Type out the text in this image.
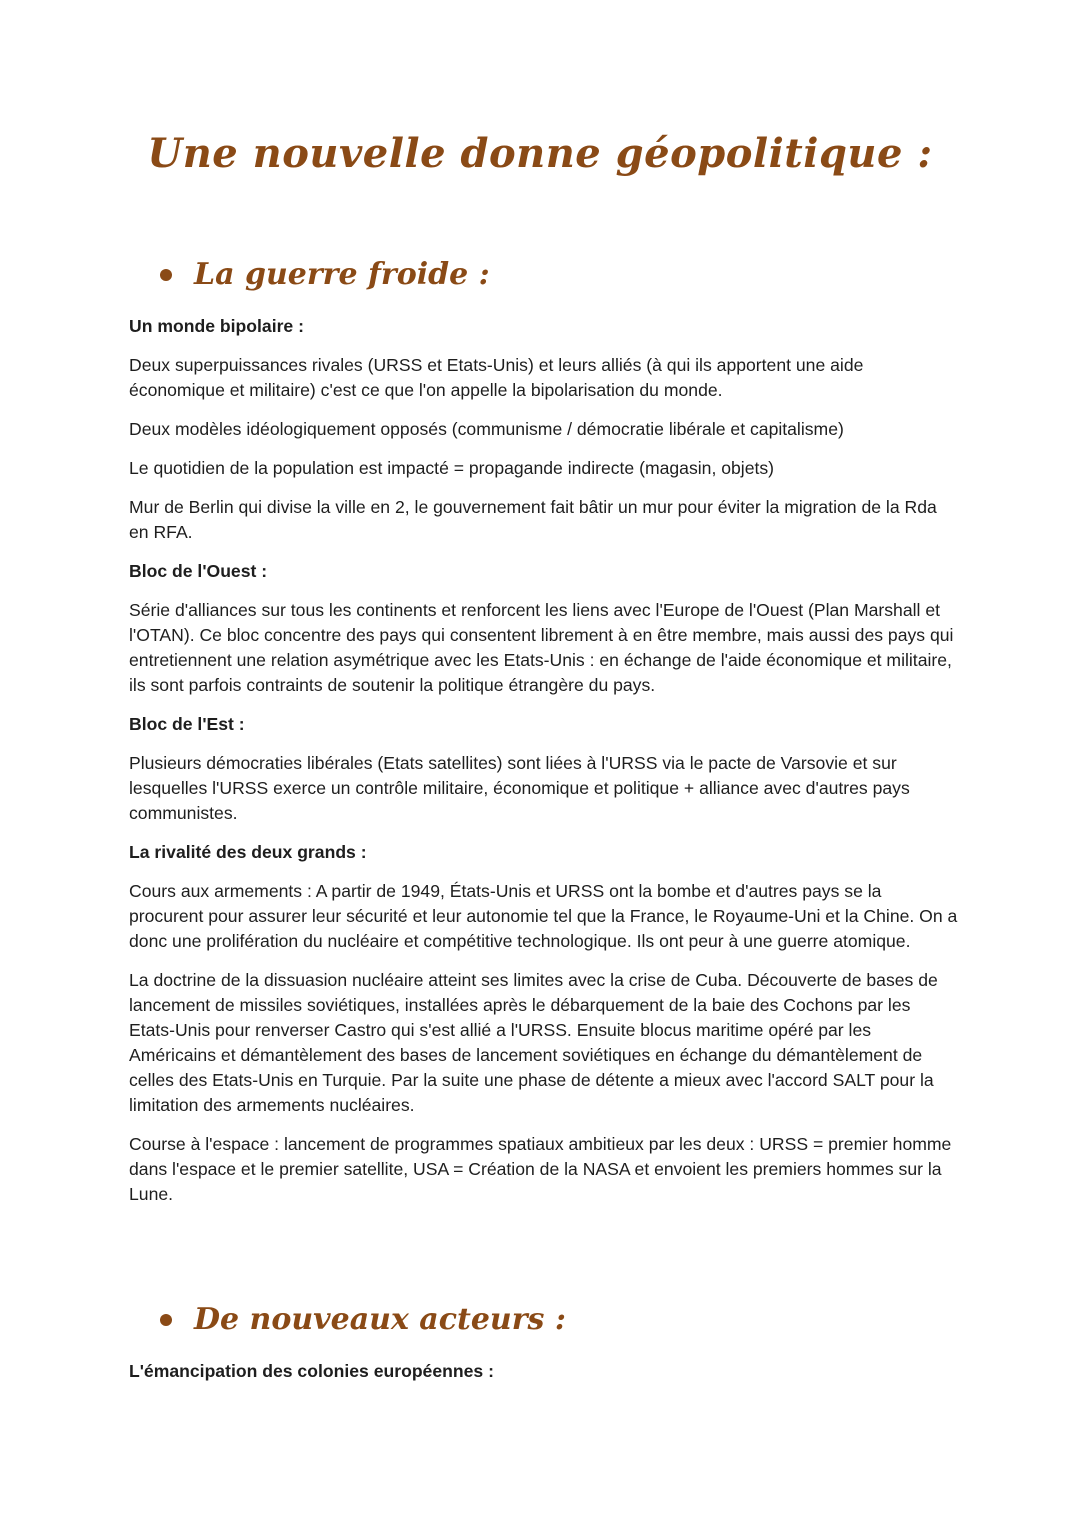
Une nouvelle donne géopolitique :
La guerre froide :
Un monde bipolaire :

Deux superpuissances rivales (URSS et Etats-Unis) et leurs alliés (à qui ils apportent une aide économique et militaire) c'est ce que l'on appelle la bipolarisation du monde.

Deux modèles idéologiquement opposés (communisme / démocratie libérale et capitalisme)

Le quotidien de la population est impacté = propagande indirecte (magasin, objets)

Mur de Berlin qui divise la ville en 2, le gouvernement fait bâtir un mur pour éviter la migration de la Rda en RFA.

Bloc de l'Ouest :

Série d'alliances sur tous les continents et renforcent les liens avec l'Europe de l'Ouest (Plan Marshall et l'OTAN). Ce bloc concentre des pays qui consentent librement à en être membre, mais aussi des pays qui entretiennent une relation asymétrique avec les Etats-Unis : en échange de l'aide économique et militaire, ils sont parfois contraints de soutenir la politique étrangère du pays.

Bloc de l'Est :

Plusieurs démocraties libérales (Etats satellites) sont liées à l'URSS via le pacte de Varsovie et sur lesquelles l'URSS exerce un contrôle militaire, économique et politique + alliance avec d'autres pays communistes.

La rivalité des deux grands :

Cours aux armements : A partir de 1949, États-Unis et URSS ont la bombe et d'autres pays se la procurent pour assurer leur sécurité et leur autonomie tel que la France, le Royaume-Uni et la Chine. On a donc une prolifération du nucléaire et compétitive technologique. Ils ont peur à une guerre atomique.

La doctrine de la dissuasion nucléaire atteint ses limites avec la crise de Cuba. Découverte de bases de lancement de missiles soviétiques, installées après le débarquement de la baie des Cochons par les Etats-Unis pour renverser Castro qui s'est allié a l'URSS. Ensuite blocus maritime opéré par les Américains et démantèlement des bases de lancement soviétiques en échange du démantèlement de celles des Etats-Unis en Turquie. Par la suite une phase de détente a mieux avec l'accord SALT pour la limitation des armements nucléaires.

Course à l'espace : lancement de programmes spatiaux ambitieux par les deux : URSS = premier homme dans l'espace et le premier satellite, USA = Création de la NASA et envoient les premiers hommes sur la Lune.

De nouveaux acteurs :
L'émancipation des colonies européennes :
